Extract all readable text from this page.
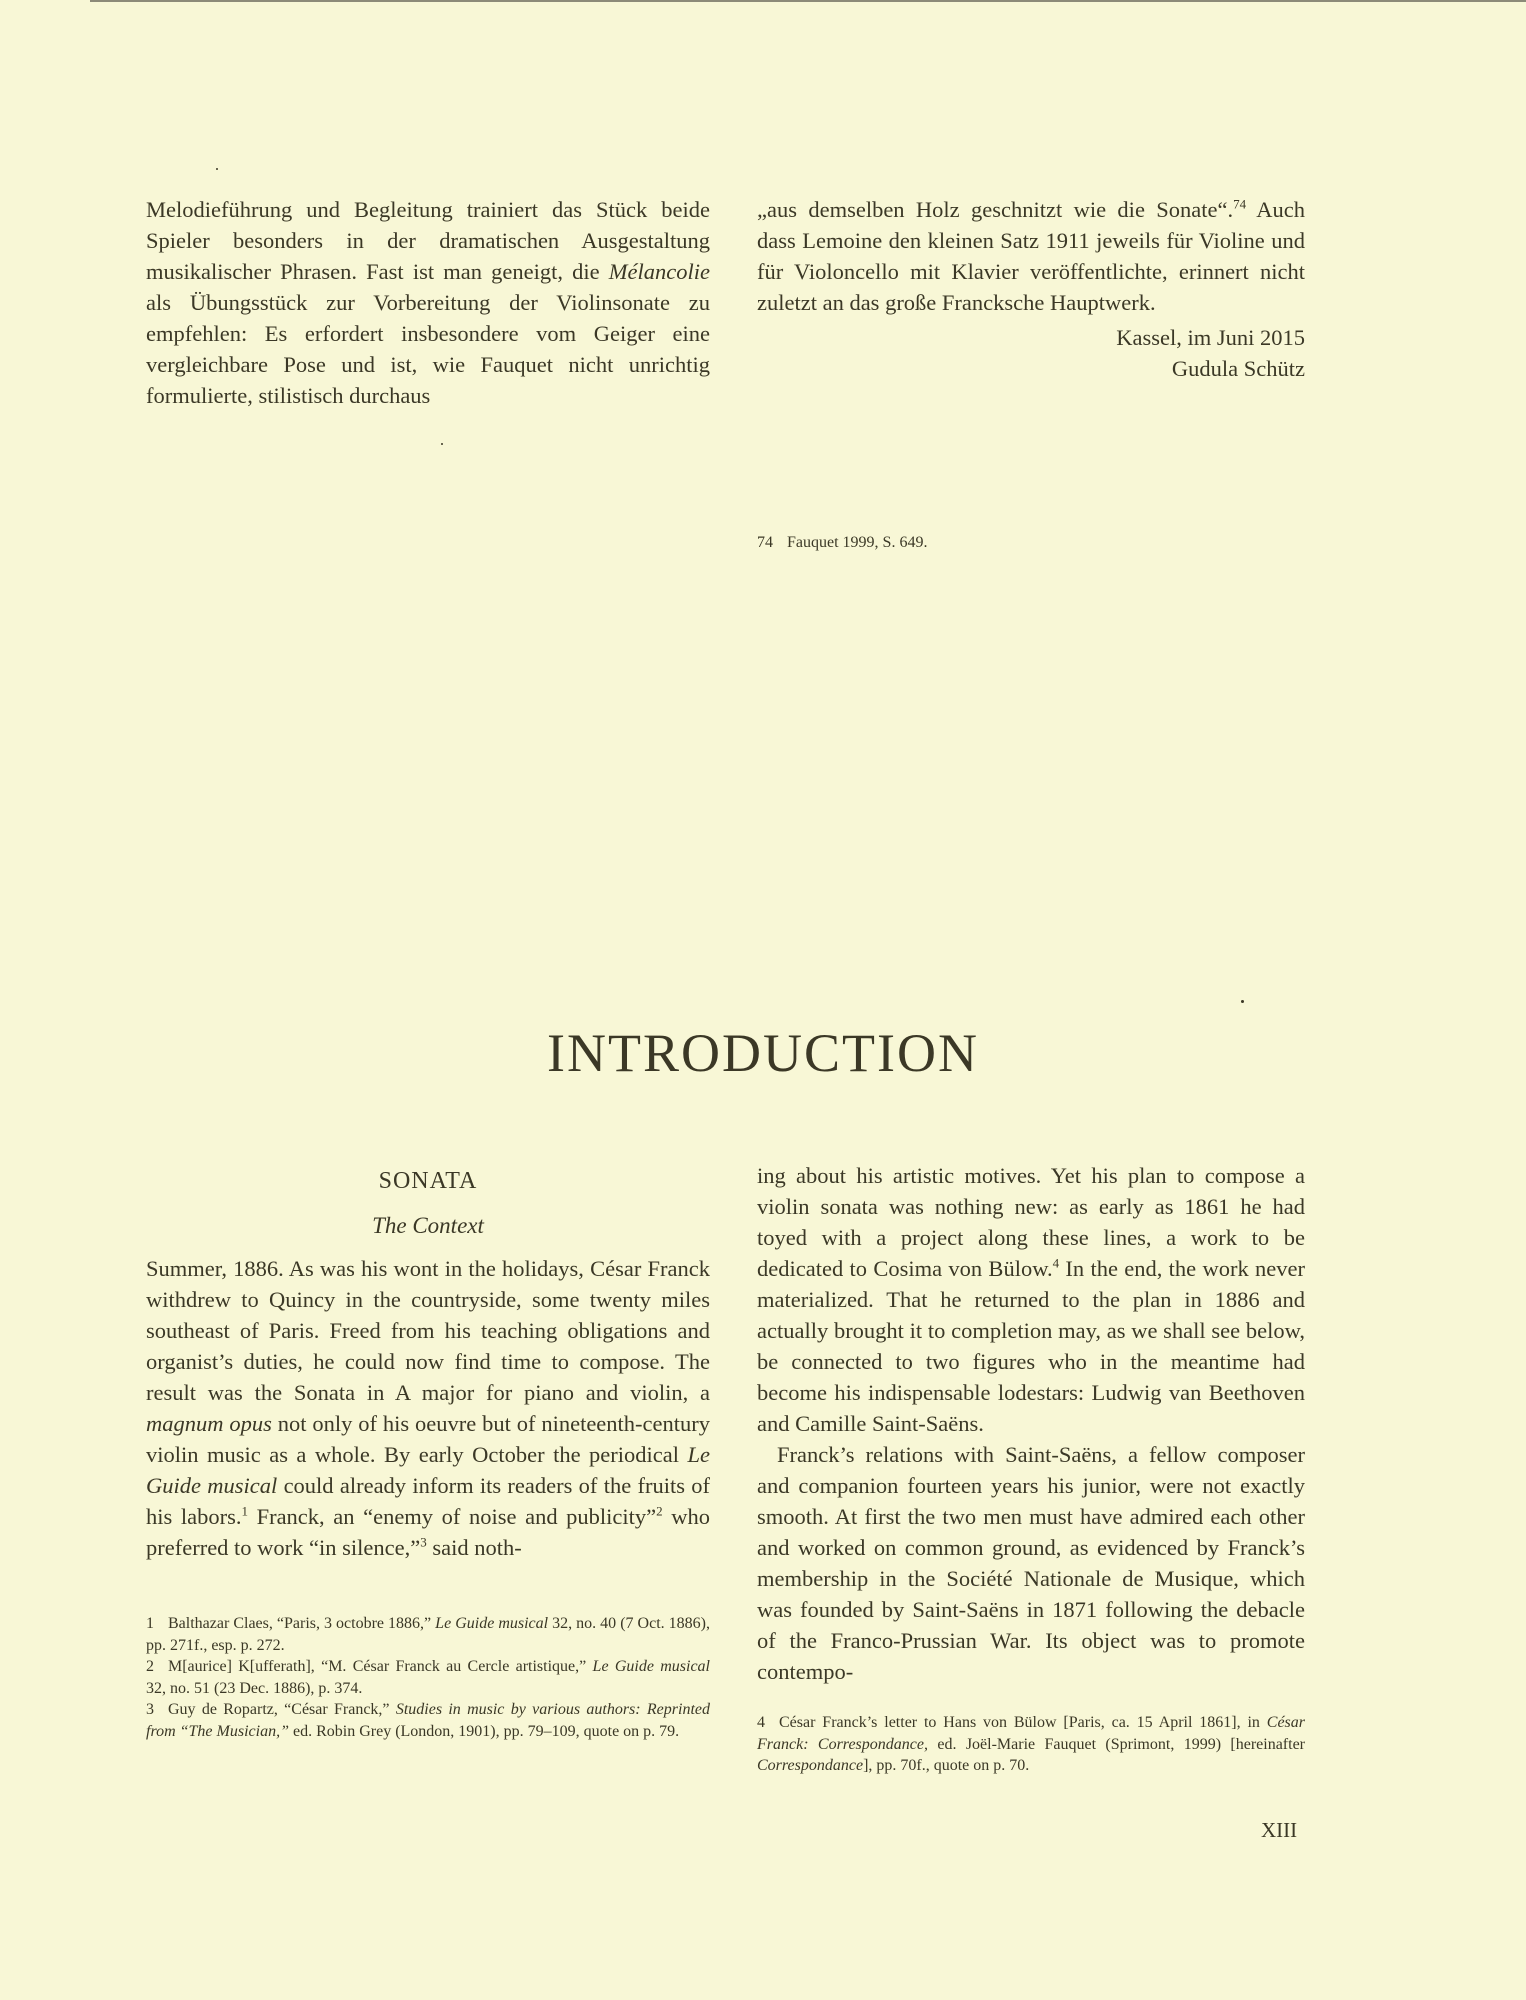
Melodieführung und Begleitung trainiert das Stück beide Spieler besonders in der dramatischen Ausgestaltung musikalischer Phrasen. Fast ist man geneigt, die Mélancolie als Übungsstück zur Vorbereitung der Violinsonate zu empfehlen: Es erfordert insbesondere vom Geiger eine vergleichbare Pose und ist, wie Fauquet nicht unrichtig formulierte, stilistisch durchaus

„aus demselben Holz geschnitzt wie die Sonate“.$^{74}$ Auch dass Lemoine den kleinen Satz 1911 jeweils für Violine und für Violoncello mit Klavier veröffentlichte, erinnert nicht zuletzt an das große Francksche Hauptwerk.

Kassel, im Juni 2015

Gudula Schütz

74 Fauquet 1999, S. 649.

INTRODUCTION
SONATA
The Context

Summer, 1886. As was his wont in the holidays, César Franck withdrew to Quincy in the countryside, some twenty miles southeast of Paris. Freed from his teaching obligations and organist’s duties, he could now find time to compose. The result was the Sonata in A major for piano and violin, a magnum opus not only of his oeuvre but of nineteenth-century violin music as a whole. By early October the periodical Le Guide musical could already inform its readers of the fruits of his labors.$^1$ Franck, an “enemy of noise and publicity”$^2$ who preferred to work “in silence,”$^3$ said noth-

1 Balthazar Claes, “Paris, 3 octobre 1886,” Le Guide musical 32, no. 40 (7 Oct. 1886), pp. 271f., esp. p. 272.

2 M[aurice] K[ufferath], “M. César Franck au Cercle artistique,” Le Guide musical 32, no. 51 (23 Dec. 1886), p. 374.

3 Guy de Ropartz, “César Franck,” Studies in music by various authors: Reprinted from “The Musician,” ed. Robin Grey (London, 1901), pp. 79–109, quote on p. 79.

ing about his artistic motives. Yet his plan to compose a violin sonata was nothing new: as early as 1861 he had toyed with a project along these lines, a work to be dedicated to Cosima von Bülow.$^4$ In the end, the work never materialized. That he returned to the plan in 1886 and actually brought it to completion may, as we shall see below, be connected to two figures who in the meantime had become his indispensable lodestars: Ludwig van Beethoven and Camille Saint-Saëns.

Franck’s relations with Saint-Saëns, a fellow composer and companion fourteen years his junior, were not exactly smooth. At first the two men must have admired each other and worked on common ground, as evidenced by Franck’s membership in the Société Nationale de Musique, which was founded by Saint-Saëns in 1871 following the debacle of the Franco-Prussian War. Its object was to promote contempo-

4 César Franck’s letter to Hans von Bülow [Paris, ca. 15 April 1861], in César Franck: Correspondance, ed. Joël-Marie Fauquet (Sprimont, 1999) [hereinafter Correspondance], pp. 70f., quote on p. 70.

XIII
